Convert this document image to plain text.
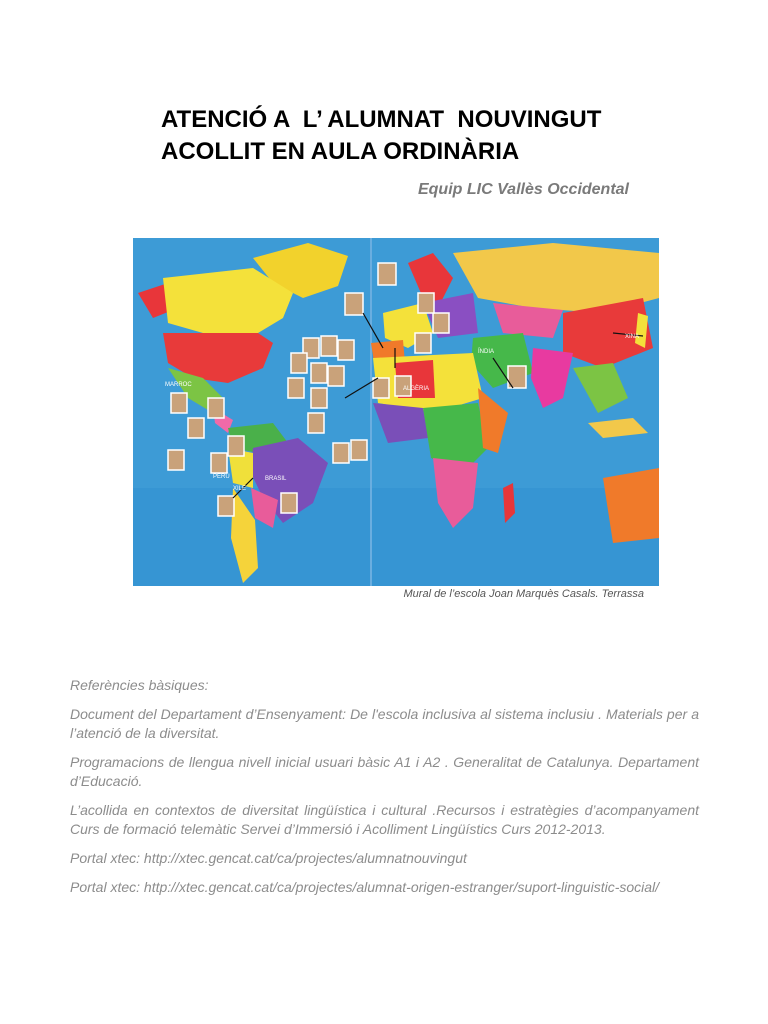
ATENCIÓ A  L’ ALUMNAT  NOUVINGUT
ACOLLIT EN AULA ORDINÀRIA
Equip LIC Vallès Occidental
MARROC
ALGÈRIA
XINA
BRASIL
PERÚ
XILE
ÍNDIA
Mural de l’escola Joan Marquès Casals. Terrassa

Referències bàsiques:

Document del Departament d’Ensenyament: De l'escola inclusiva al sistema inclusiu . Materials per a l’atenció de la diversitat.

Programacions de llengua nivell inicial usuari bàsic A1 i A2 . Generalitat de Catalunya. Departament d’Educació.

L’acollida en contextos de diversitat lingüística i cultural .Recursos i estratègies d’acompanyament Curs de formació telemàtic Servei d’Immersió i Acolliment Lingüístics Curs 2012-2013.

Portal xtec: http://xtec.gencat.cat/ca/projectes/alumnatnouvingut

Portal xtec: http://xtec.gencat.cat/ca/projectes/alumnat-origen-estranger/suport-linguistic-social/
